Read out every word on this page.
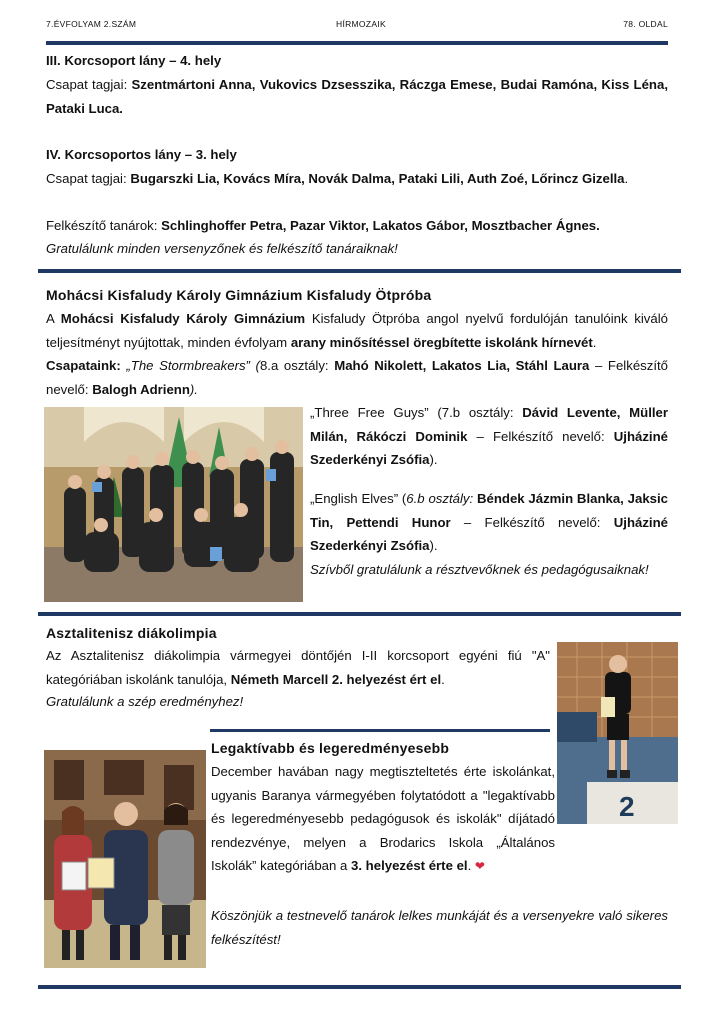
7.ÉVFOLYAM 2.SZÁM	HÍRMOZAIK	78. OLDAL
III. Korcsoport lány – 4. hely
Csapat tagjai: Szentmártoni Anna, Vukovics Dzsesszika, Ráczga Emese, Budai Ramóna, Kiss Léna, Pataki Luca.
IV. Korcsoportos lány – 3. hely
Csapat tagjai: Bugarszki Lia, Kovács Míra, Novák Dalma, Pataki Lili, Auth Zoé, Lőrincz Gizella.
Felkészítő tanárok: Schlinghoffer Petra, Pazar Viktor, Lakatos Gábor, Mosztbacher Ágnes.
Gratulálunk minden versenyzőnek és felkészítő tanáraiknak!
Mohácsi Kisfaludy Károly Gimnázium Kisfaludy Ötpróba
A Mohácsi Kisfaludy Károly Gimnázium Kisfaludy Ötpróba angol nyelvű fordulóján tanulóink kiváló teljesítményt nyújtottak, minden évfolyam arany minősítéssel öregbítette iskolánk hírnevét.
Csapataink: „The Stormbreakers” (8.a osztály: Mahó Nikolett, Lakatos Lia, Stáhl Laura – Felkészítő nevelő: Balogh Adrienn).
„Three Free Guys” (7.b osztály: Dávid Levente, Müller Milán, Rákóczi Dominik – Felkészítő nevelő: Ujháziné Szederkényi Zsófia).
„English Elves” (6.b osztály: Béndek Jázmin Blanka, Jaksic Tin, Pettendi Hunor – Felkészítő nevelő: Ujháziné Szederkényi Zsófia).
Szívből gratulálunk a résztvevőknek és pedagógusaiknak!
Asztalitenisz diákolimpia
Az Asztalitenisz diákolimpia vármegyei döntőjén I-II korcsoport egyéni fiú "A" kategóriában iskolánk tanulója, Németh Marcell 2. helyezést ért el.
Gratulálunk a szép eredményhez!
2
Legaktívabb és legeredményesebb
December havában nagy megtiszteltetés érte iskolánkat, ugyanis Baranya vármegyében folytatódott a "legaktívabb és legeredményesebb pedagógusok és iskolák" díjátadó rendezvénye, melyen a Brodarics Iskola „Általános Iskolák” kategóriában a 3. helyezést érte el. ❤
Köszönjük a testnevelő tanárok lelkes munkáját és a versenyekre való sikeres felkészítést!
